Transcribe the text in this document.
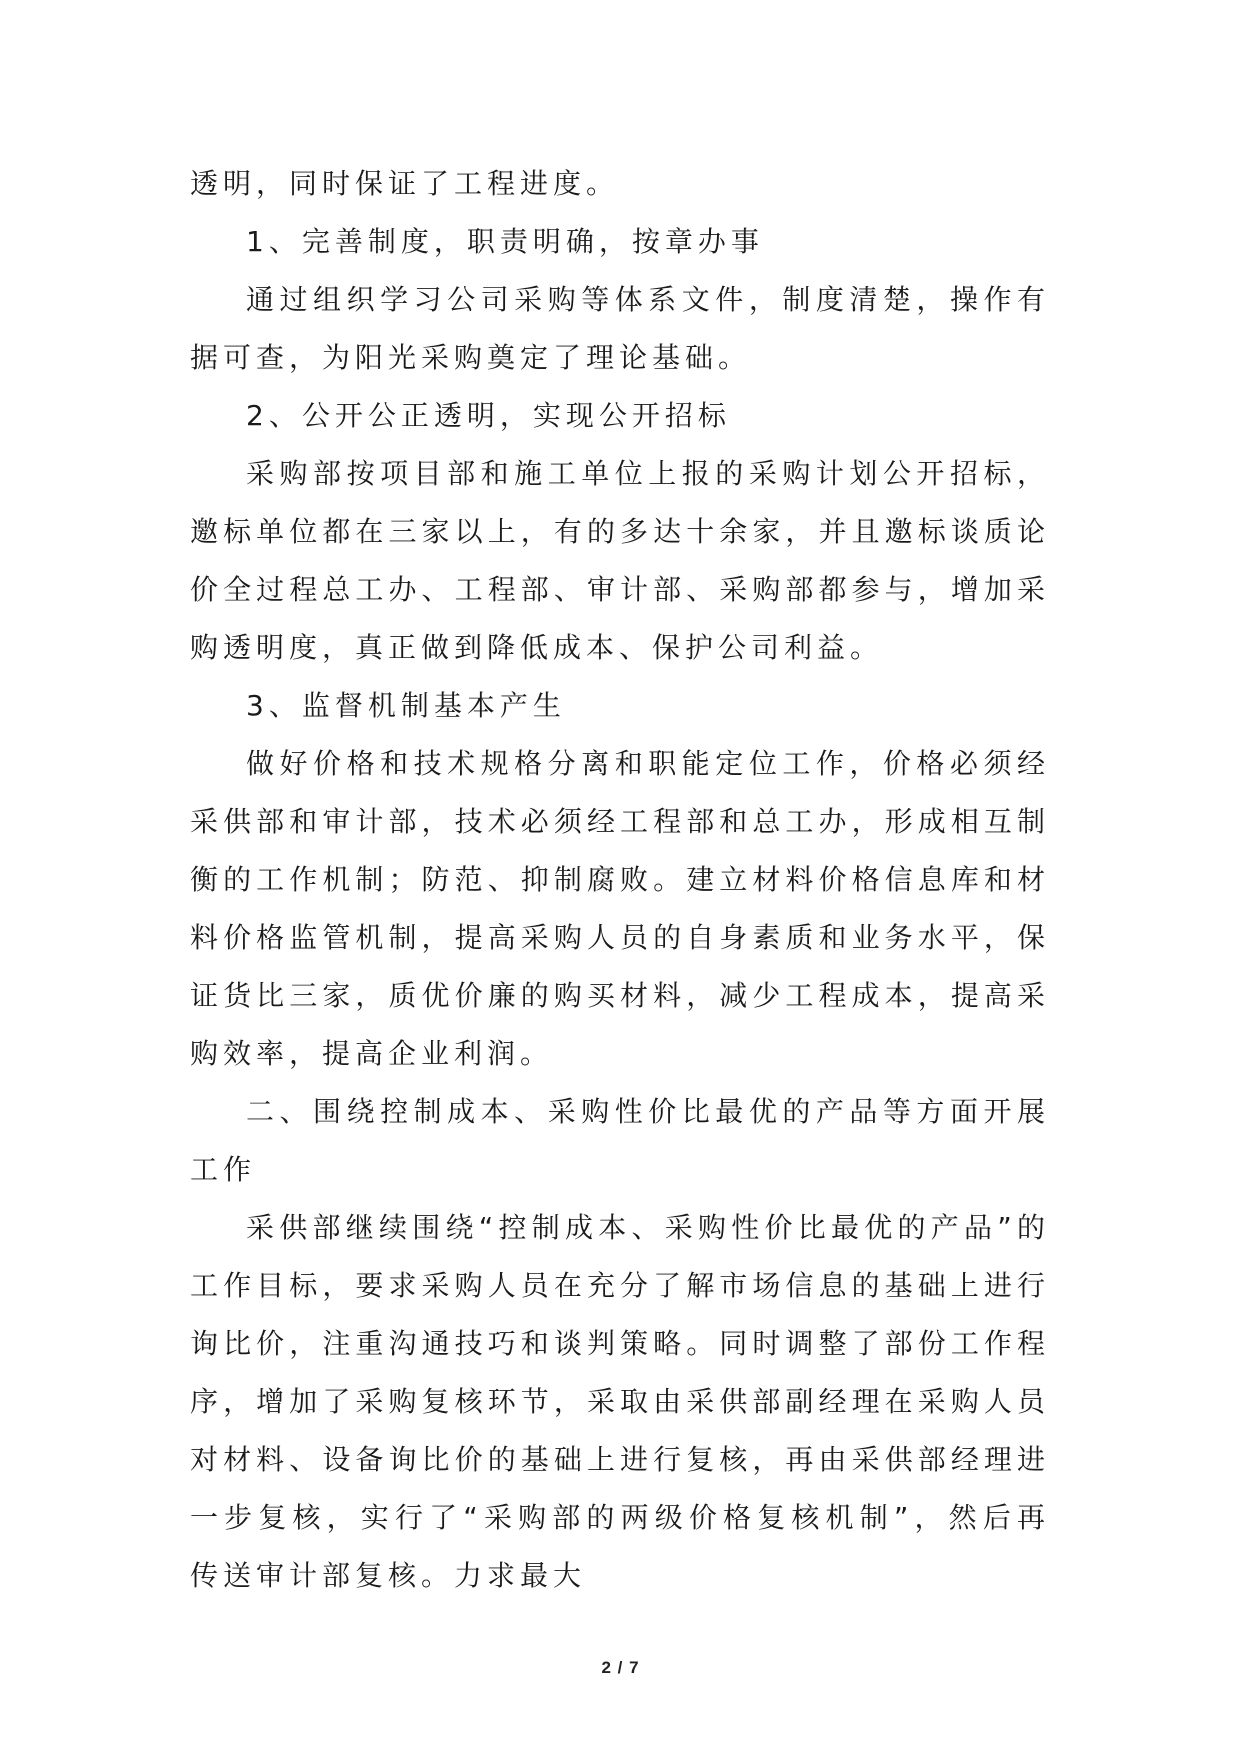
透明，同时保证了工程进度。

1、完善制度，职责明确，按章办事

通过组织学习公司采购等体系文件，制度清楚，操作有据可查，为阳光采购奠定了理论基础。

2、公开公正透明，实现公开招标

采购部按项目部和施工单位上报的采购计划公开招标，邀标单位都在三家以上，有的多达十余家，并且邀标谈质论价全过程总工办、工程部、审计部、采购部都参与，增加采购透明度，真正做到降低成本、保护公司利益。

3、监督机制基本产生

做好价格和技术规格分离和职能定位工作，价格必须经采供部和审计部，技术必须经工程部和总工办，形成相互制衡的工作机制；防范、抑制腐败。建立材料价格信息库和材料价格监管机制，提高采购人员的自身素质和业务水平，保证货比三家，质优价廉的购买材料，减少工程成本，提高采购效率，提高企业利润。

二、围绕控制成本、采购性价比最优的产品等方面开展工作

采供部继续围绕“控制成本、采购性价比最优的产品”的工作目标，要求采购人员在充分了解市场信息的基础上进行询比价，注重沟通技巧和谈判策略。同时调整了部份工作程序，增加了采购复核环节，采取由采供部副经理在采购人员对材料、设备询比价的基础上进行复核，再由采供部经理进一步复核，实行了“采购部的两级价格复核机制”，然后再传送审计部复核。力求最大

2 / 7
